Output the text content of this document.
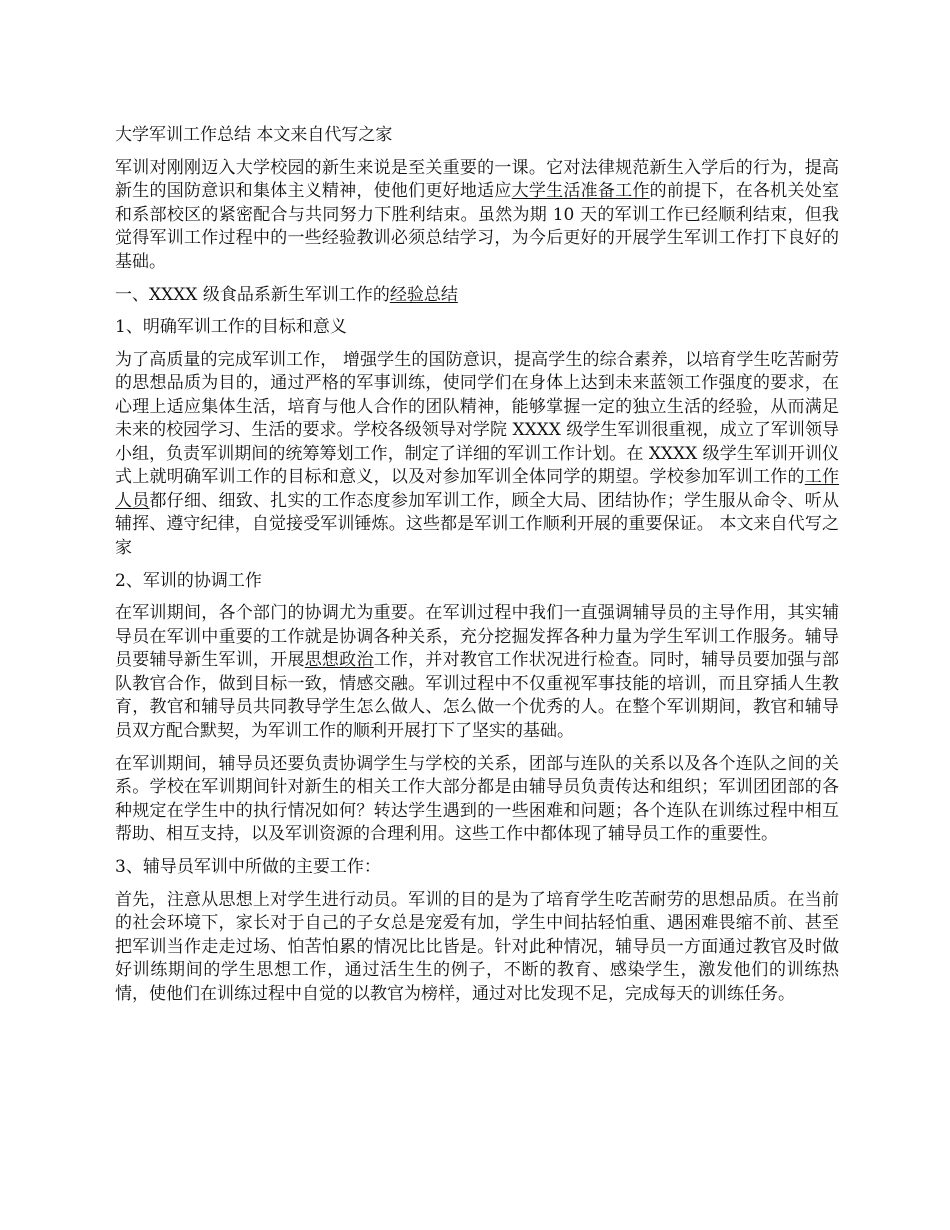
大学军训工作总结 本文来自代写之家

军训对刚刚迈入大学校园的新生来说是至关重要的一课。它对法律规范新生入学后的行为，提高新生的国防意识和集体主义精神，使他们更好地适应大学生活准备工作的前提下，在各机关处室和系部校区的紧密配合与共同努力下胜利结束。虽然为期 10 天的军训工作已经顺利结束，但我觉得军训工作过程中的一些经验教训必须总结学习，为今后更好的开展学生军训工作打下良好的基础。

一、XXXX 级食品系新生军训工作的经验总结

1、明确军训工作的目标和意义

为了高质量的完成军训工作， 增强学生的国防意识，提高学生的综合素养，以培育学生吃苦耐劳的思想品质为目的，通过严格的军事训练，使同学们在身体上达到未来蓝领工作强度的要求，在心理上适应集体生活，培育与他人合作的团队精神，能够掌握一定的独立生活的经验，从而满足未来的校园学习、生活的要求。学校各级领导对学院 XXXX 级学生军训很重视，成立了军训领导小组，负责军训期间的统筹筹划工作，制定了详细的军训工作计划。在 XXXX 级学生军训开训仪式上就明确军训工作的目标和意义，以及对参加军训全体同学的期望。学校参加军训工作的工作人员都仔细、细致、扎实的工作态度参加军训工作，顾全大局、团结协作；学生服从命令、听从辅挥、遵守纪律，自觉接受军训锤炼。这些都是军训工作顺利开展的重要保证。 本文来自代写之家

2、军训的协调工作

在军训期间，各个部门的协调尤为重要。在军训过程中我们一直强调辅导员的主导作用，其实辅导员在军训中重要的工作就是协调各种关系，充分挖掘发挥各种力量为学生军训工作服务。辅导员要辅导新生军训，开展思想政治工作，并对教官工作状况进行检查。同时，辅导员要加强与部队教官合作，做到目标一致，情感交融。军训过程中不仅重视军事技能的培训，而且穿插人生教育，教官和辅导员共同教导学生怎么做人、怎么做一个优秀的人。在整个军训期间，教官和辅导员双方配合默契，为军训工作的顺利开展打下了坚实的基础。

在军训期间，辅导员还要负责协调学生与学校的关系，团部与连队的关系以及各个连队之间的关系。学校在军训期间针对新生的相关工作大部分都是由辅导员负责传达和组织；军训团团部的各种规定在学生中的执行情况如何？转达学生遇到的一些困难和问题；各个连队在训练过程中相互帮助、相互支持，以及军训资源的合理利用。这些工作中都体现了辅导员工作的重要性。

3、辅导员军训中所做的主要工作：

首先，注意从思想上对学生进行动员。军训的目的是为了培育学生吃苦耐劳的思想品质。在当前的社会环境下，家长对于自己的子女总是宠爱有加，学生中间拈轻怕重、遇困难畏缩不前、甚至把军训当作走走过场、怕苦怕累的情况比比皆是。针对此种情况，辅导员一方面通过教官及时做好训练期间的学生思想工作，通过活生生的例子，不断的教育、感染学生，激发他们的训练热情，使他们在训练过程中自觉的以教官为榜样，通过对比发现不足，完成每天的训练任务。
